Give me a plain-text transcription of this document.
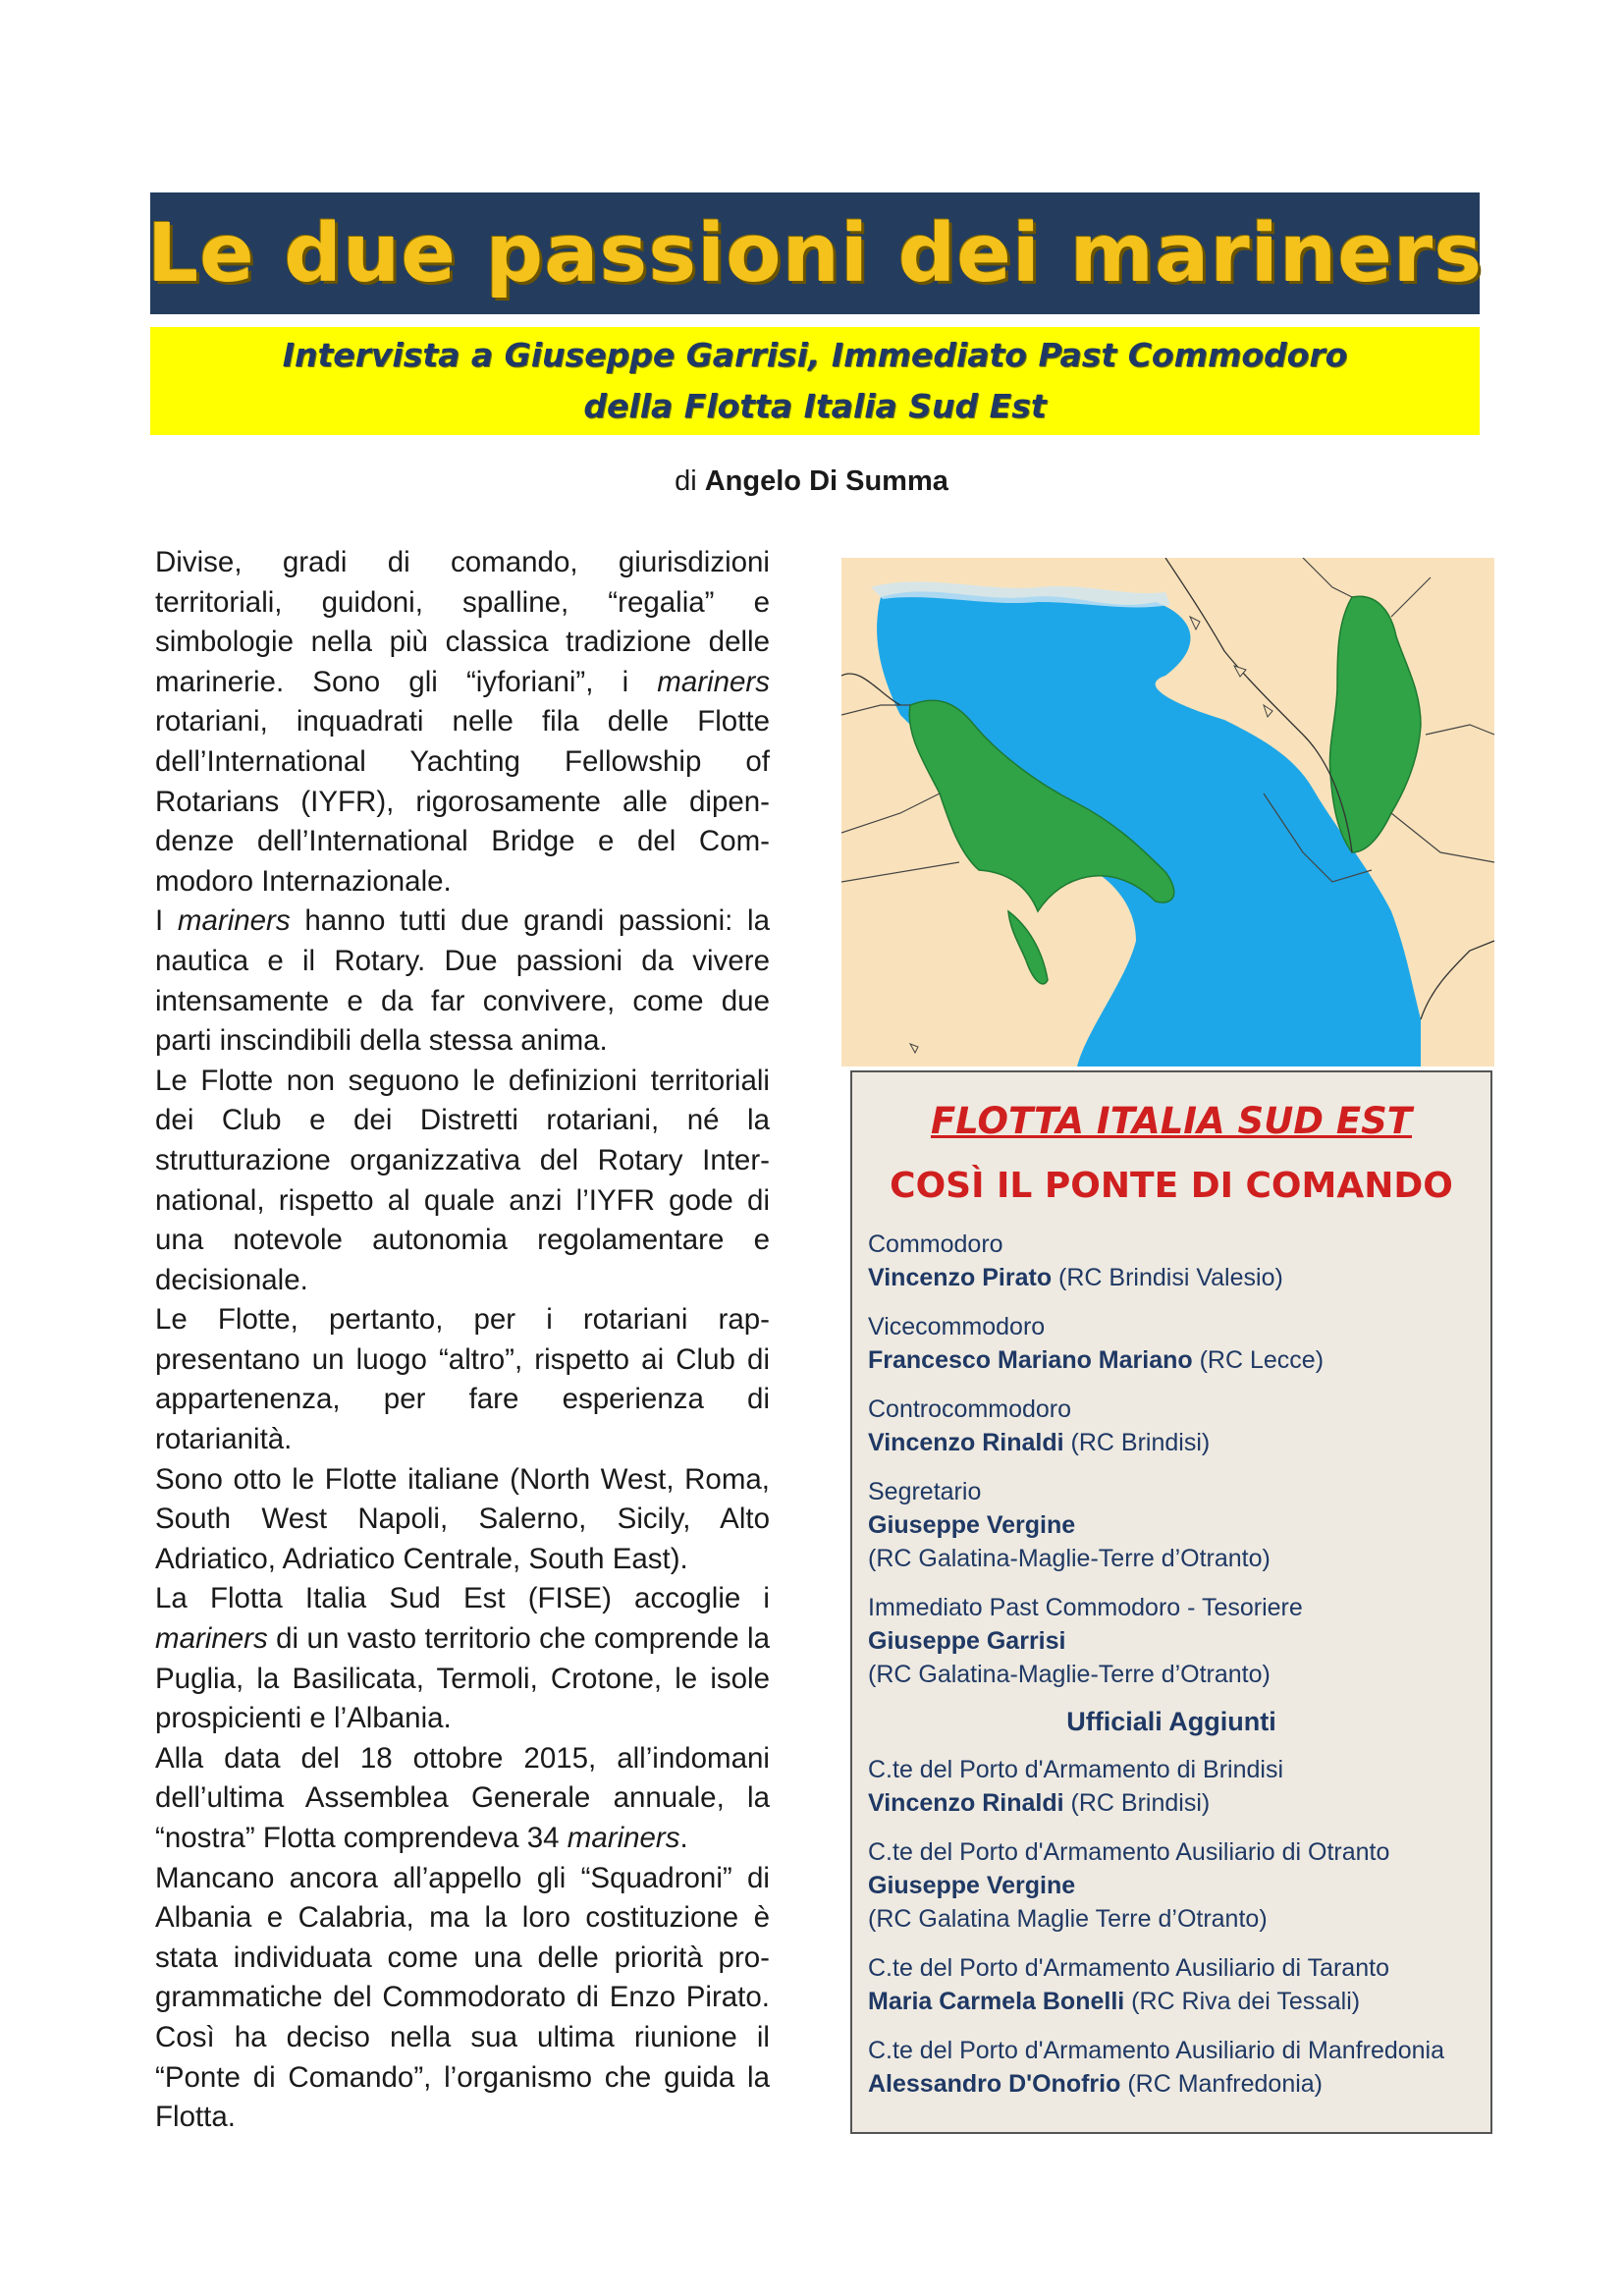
Le due passioni dei mariners
Intervista a Giuseppe Garrisi, Immediato Past Commodoro
della Flotta Italia Sud Est
di Angelo Di Summa

Divise, gradi di comando, giurisdizioni territoriali, guidoni, spalline, “regalia” e simbologie nella più classica tradizione delle marinerie. Sono gli “iyforiani”, i mariners rotariani, inquadrati nelle fila delle Flotte dell’International Yachting Fellowship of Rotarians (IYFR), rigorosamente alle dipendenze dell’International Bridge e del Commodoro Internazionale.

I mariners hanno tutti due grandi passioni: la nautica e il Rotary. Due passioni da vivere intensamente e da far convivere, come due parti inscindibili della stessa anima.

Le Flotte non seguono le definizioni territoriali dei Club e dei Distretti rotariani, né la strutturazione organizzativa del Rotary International, rispetto al quale anzi l’IYFR gode di una notevole autonomia regolamentare e decisionale.

Le Flotte, pertanto, per i rotariani rappresentano un luogo “altro”, rispetto ai Club di appartenenza, per fare esperienza di rotarianità.

Sono otto le Flotte italiane (North West, Roma, South West Napoli, Salerno, Sicily, Alto Adriatico, Adriatico Centrale, South East).

La Flotta Italia Sud Est (FISE) accoglie i mariners di un vasto territorio che comprende la Puglia, la Basilicata, Termoli, Crotone, le isole prospicienti e l’Albania.

Alla data del 18 ottobre 2015, all’indomani dell’ultima Assemblea Generale annuale, la “nostra” Flotta comprendeva 34 mariners.

Mancano ancora all’appello gli “Squadroni” di Albania e Calabria, ma la loro costituzione è stata individuata come una delle priorità programmatiche del Commodorato di Enzo Pirato. Così ha deciso nella sua ultima riunione il “Ponte di Comando”, l’organismo che guida la Flotta.

FLOTTA ITALIA SUD EST
COSÌ IL PONTE DI COMANDO
Commodoro
Vincenzo Pirato (RC Brindisi Valesio)
Vicecommodoro
Francesco Mariano Mariano (RC Lecce)
Controcommodoro
Vincenzo Rinaldi (RC Brindisi)
Segretario
Giuseppe Vergine
(RC Galatina-Maglie-Terre d’Otranto)
Immediato Past Commodoro - Tesoriere
Giuseppe Garrisi
(RC Galatina-Maglie-Terre d’Otranto)
Ufficiali Aggiunti
C.te del Porto d'Armamento di Brindisi
Vincenzo Rinaldi (RC Brindisi)
C.te del Porto d'Armamento Ausiliario di Otranto
Giuseppe Vergine
(RC Galatina Maglie Terre d’Otranto)
C.te del Porto d'Armamento Ausiliario di Taranto
Maria Carmela Bonelli (RC Riva dei Tessali)
C.te del Porto d'Armamento Ausiliario di Manfredonia
Alessandro D'Onofrio (RC Manfredonia)
